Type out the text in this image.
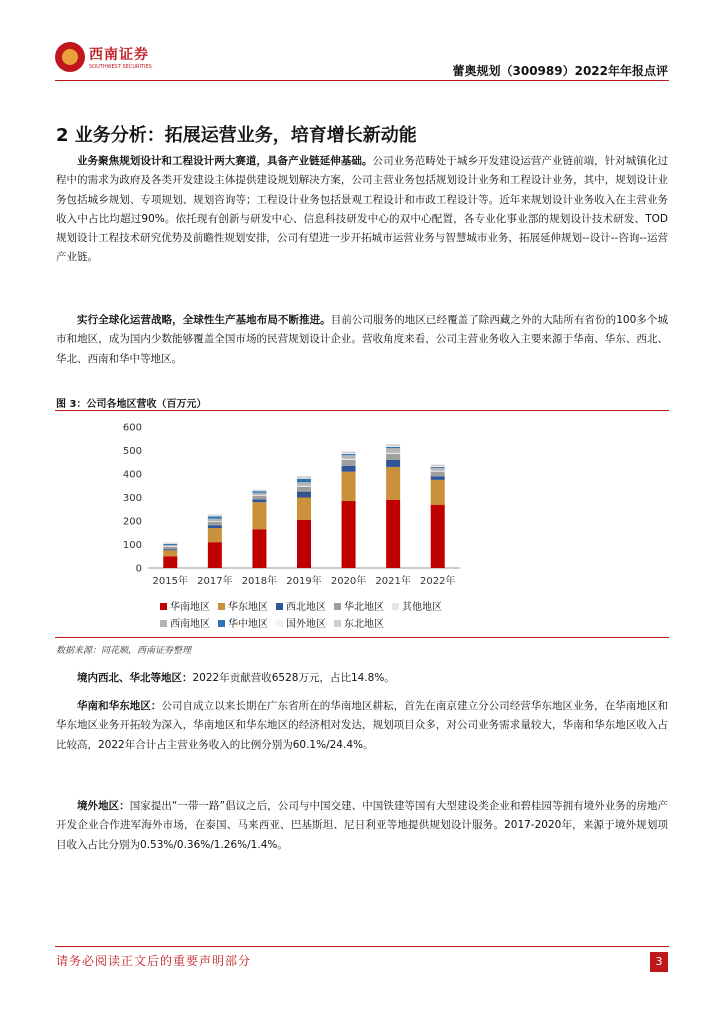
西南证券
SOUTHWEST SECURITIES	蕾奥规划（300989）2022年年报点评
2 业务分析：拓展运营业务，培育增长新动能
业务聚焦规划设计和工程设计两大赛道，具备产业链延伸基础。公司业务范畴处于城乡开发建设运营产业链前端，针对城镇化过程中的需求为政府及各类开发建设主体提供建设规划解决方案，公司主营业务包括规划设计业务和工程设计业务，其中，规划设计业务包括城乡规划、专项规划、规划咨询等；工程设计业务包括景观工程设计和市政工程设计等。近年来规划设计业务收入在主营业务收入中占比均超过90%。依托现有创新与研发中心、信息科技研发中心的双中心配置，各专业化事业部的规划设计技术研发、TOD规划设计工程技术研究优势及前瞻性规划安排，公司有望进一步开拓城市运营业务与智慧城市业务，拓展延伸规划--设计--咨询--运营产业链。
实行全球化运营战略，全球性生产基地布局不断推进。目前公司服务的地区已经覆盖了除西藏之外的大陆所有省份的100多个城市和地区，成为国内少数能够覆盖全国市场的民营规划设计企业。营收角度来看，公司主营业务收入主要来源于华南、华东、西北、华北、西南和华中等地区。
图 3：公司各地区营收（百万元）
0
100
200
300
400
500
600
2015年 2017年 2018年 2019年 2020年 2021年 2022年
华南地区 华东地区 西北地区 华北地区 其他地区
西南地区 华中地区 国外地区 东北地区
数据来源：同花顺，西南证券整理
境内西北、华北等地区：2022年贡献营收6528万元，占比14.8%。
华南和华东地区：公司自成立以来长期在广东省所在的华南地区耕耘，首先在南京建立分公司经营华东地区业务，在华南地区和华东地区业务开拓较为深入，华南地区和华东地区的经济相对发达，规划项目众多，对公司业务需求量较大，华南和华东地区收入占比较高，2022年合计占主营业务收入的比例分别为60.1%/24.4%。
境外地区：国家提出“一带一路”倡议之后，公司与中国交建、中国铁建等国有大型建设类企业和碧桂园等拥有境外业务的房地产开发企业合作进军海外市场，在泰国、马来西亚、巴基斯坦、尼日利亚等地提供规划设计服务。2017-2020年，来源于境外规划项目收入占比分别为0.53%/0.36%/1.26%/1.4%。
请务必阅读正文后的重要声明部分	3
